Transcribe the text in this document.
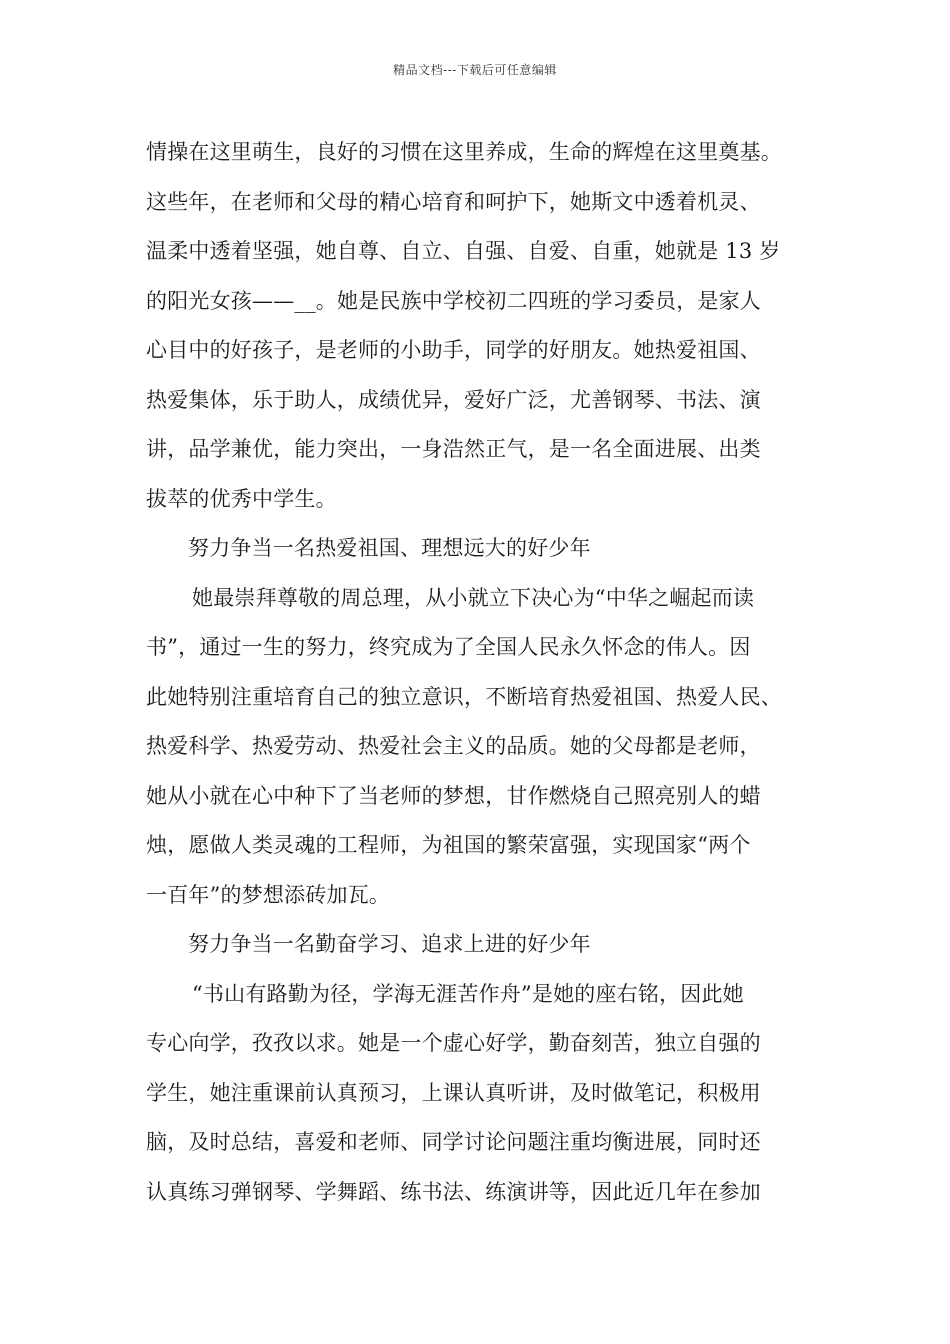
精品文档---下载后可任意编辑
情操在这里萌生，良好的习惯在这里养成，生命的辉煌在这里奠基。
这些年，在老师和父母的精心培育和呵护下，她斯文中透着机灵、
温柔中透着坚强，她自尊、自立、自强、自爱、自重，她就是 13 岁
的阳光女孩——__。她是民族中学校初二四班的学习委员，是家人
心目中的好孩子，是老师的小助手，同学的好朋友。她热爱祖国、
热爱集体，乐于助人，成绩优异，爱好广泛，尤善钢琴、书法、演
讲，品学兼优，能力突出，一身浩然正气，是一名全面进展、出类
拔萃的优秀中学生。
努力争当一名热爱祖国、理想远大的好少年
她最崇拜尊敬的周总理，从小就立下决心为“中华之崛起而读
书”，通过一生的努力，终究成为了全国人民永久怀念的伟人。因
此她特别注重培育自己的独立意识，不断培育热爱祖国、热爱人民、
热爱科学、热爱劳动、热爱社会主义的品质。她的父母都是老师，
她从小就在心中种下了当老师的梦想，甘作燃烧自己照亮别人的蜡
烛，愿做人类灵魂的工程师，为祖国的繁荣富强，实现国家“两个
一百年”的梦想添砖加瓦。
努力争当一名勤奋学习、追求上进的好少年
“书山有路勤为径，学海无涯苦作舟”是她的座右铭，因此她
专心向学，孜孜以求。她是一个虚心好学，勤奋刻苦，独立自强的
学生，她注重课前认真预习，上课认真听讲，及时做笔记，积极用
脑，及时总结，喜爱和老师、同学讨论问题注重均衡进展，同时还
认真练习弹钢琴、学舞蹈、练书法、练演讲等，因此近几年在参加
